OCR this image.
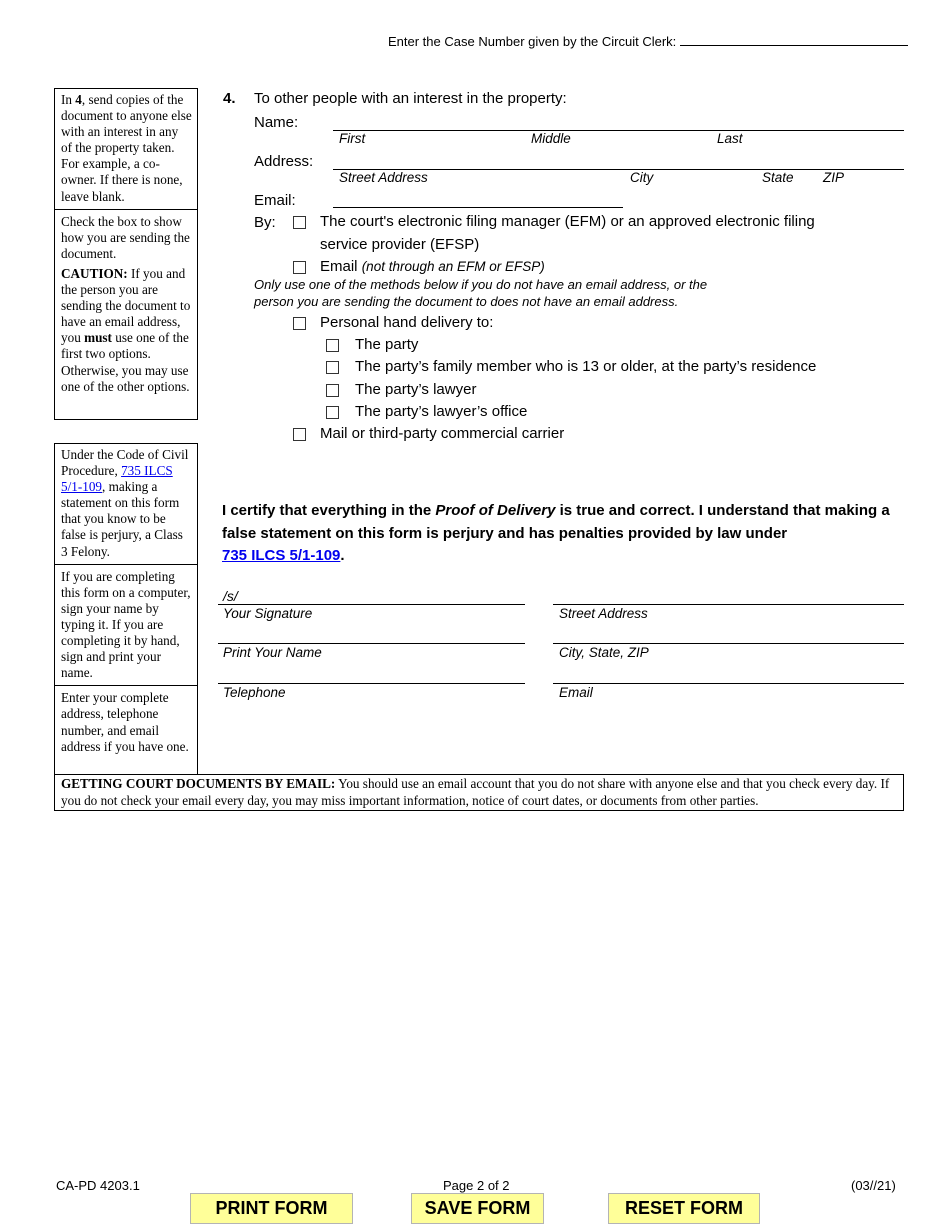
Enter the Case Number given by the Circuit Clerk:
In 4, send copies of the document to anyone else with an interest in any of the property taken. For example, a co-owner. If there is none, leave blank.
Check the box to show how you are sending the document.
CAUTION: If you and the person you are sending the document to have an email address, you must use one of the first two options. Otherwise, you may use one of the other options.
Under the Code of Civil Procedure, 735 ILCS 5/1-109, making a statement on this form that you know to be false is perjury, a Class 3 Felony.
If you are completing this form on a computer, sign your name by typing it. If you are completing it by hand, sign and print your name.
Enter your complete address, telephone number, and email address if you have one.
4. To other people with an interest in the property:
Name:
First	Middle	Last
Address:
Street Address	City	State ZIP
Email:
By:	The court's electronic filing manager (EFM) or an approved electronic filing
service provider (EFSP)
Email (not through an EFM or EFSP)
Only use one of the methods below if you do not have an email address, or the
person you are sending the document to does not have an email address.
Personal hand delivery to:
The party
The party’s family member who is 13 or older, at the party’s residence
The party’s lawyer
The party’s lawyer’s office
Mail or third-party commercial carrier
I certify that everything in the Proof of Delivery is true and correct. I understand that making a false statement on this form is perjury and has penalties provided by law under
735 ILCS 5/1-109.
/s/
Your Signature	Street Address
Print Your Name	City, State, ZIP
Telephone	Email
GETTING COURT DOCUMENTS BY EMAIL: You should use an email account that you do not share with anyone else and that you check every day. If you do not check your email every day, you may miss important information, notice of court dates, or documents from other parties.
CA-PD 4203.1	Page 2 of 2	(03//21)
PRINT FORM	SAVE FORM	RESET FORM
